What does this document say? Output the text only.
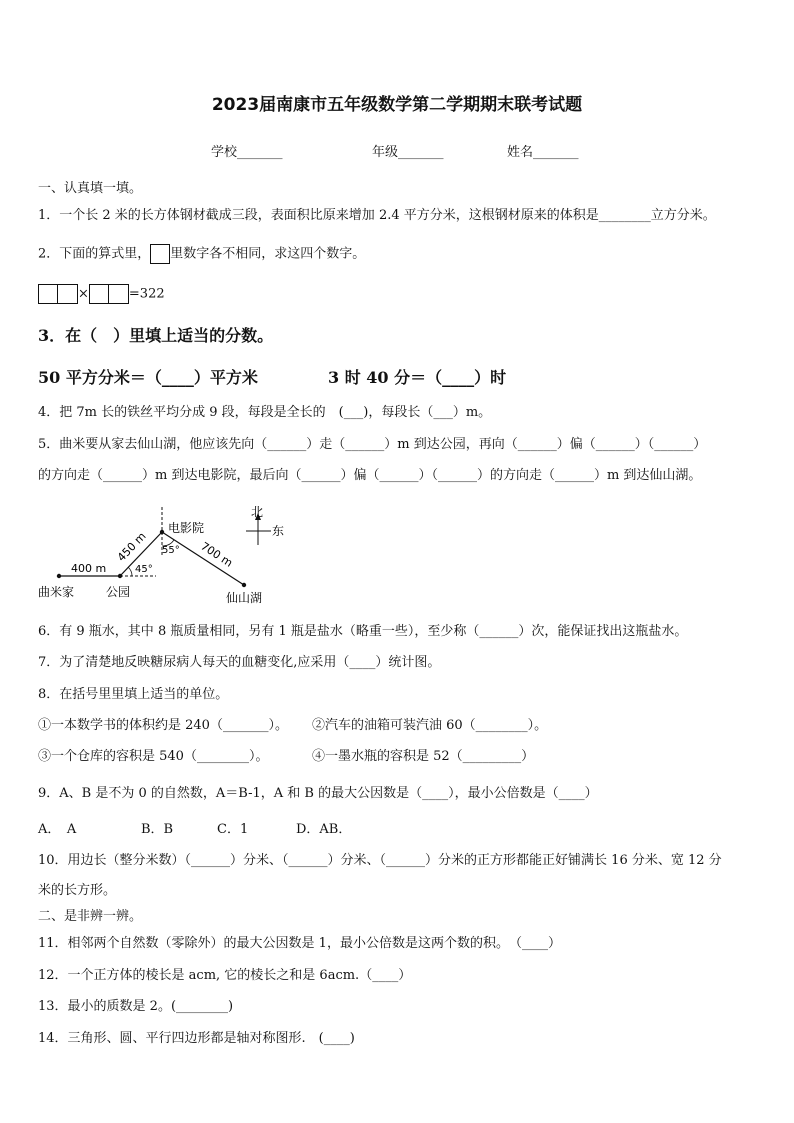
2023届南康市五年级数学第二学期期末联考试题
学校_______	年级_______	姓名_______
一、认真填一填。
1．一个长 2 米的长方体钢材截成三段，表面积比原来增加 2.4 平方分米，这根钢材原来的体积是________立方分米。
2．下面的算式里， 里数字各不相同，求这四个数字。
×	=322
3．在（　）里填上适当的分数。
50 平方分米＝（____）平方米	3 时 40 分＝（____）时
4．把 7m 长的铁丝平均分成 9 段，每段是全长的　(___)，每段长（___）m。
5．曲米要从家去仙山湖，他应该先向（______）走（______）m 到达公园，再向（______）偏（______）（______）
的方向走（______）m 到达电影院，最后向（______）偏（______）（______）的方向走（______）m 到达仙山湖。
北
东
电影院
曲米家	公园	仙山湖
400 m
450 m	700 m
45°
55°
6．有 9 瓶水，其中 8 瓶质量相同，另有 1 瓶是盐水（略重一些），至少称（______）次，能保证找出这瓶盐水。
7．为了清楚地反映糖尿病人每天的血糖变化,应采用（____）统计图。
8．在括号里里填上适当的单位。
①一本数学书的体积约是 240（_______）。 ②汽车的油箱可装汽油 60（________）。
③一个仓库的容积是 540（________）。	④一墨水瓶的容积是 52（_________）
9．A、B 是不为 0 的自然数，A＝B-1，A 和 B 的最大公因数是（____），最小公倍数是（____）
A．　A	B．B	C．1	D．AB．
10．用边长（整分米数）（______）分米、（______）分米、（______）分米的正方形都能正好铺满长 16 分米、宽 12 分
米的长方形。
二、是非辨一辨。
11．相邻两个自然数（零除外）的最大公因数是 1，最小公倍数是这两个数的积。　（____）
12．一个正方体的棱长是 acm, 它的棱长之和是 6acm.（____）
13．最小的质数是 2。(________)
14．三角形、圆、平行四边形都是轴对称图形.　(____)
